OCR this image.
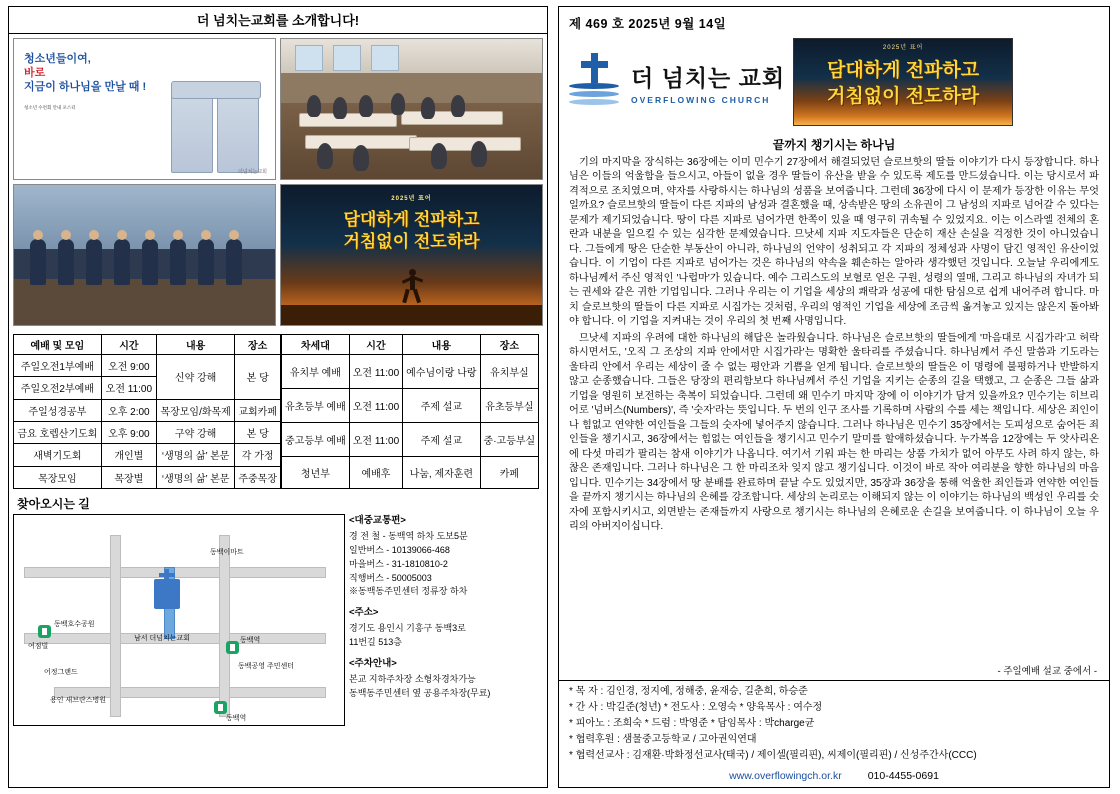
더 넘치는교회를 소개합니다!
청소년들이여,
바로
지금이 하나님을 만날 때 !
청소년 수련회 안내 포스터
더넘치는교회
2025년 표어
담대하게 전파하고
거침없이 전도하라
예배 및 모임	시간	내용	장소
주일오전1부예배	오전 9:00	신약 강해	본 당
주일오전2부예배	오전 11:00		
주일성경공부	오후 2:00	목장모임/화목제	교회카페
금요 호렙산기도회	오후 9:00	구약 강해	본 당
새벽기도회	개인별	‘생명의 삶’ 본문	각 가정
목장모임	목장별	‘생명의 삶’ 본문	주중목장
차세대	시간	내용	장소
유치부 예배	오전 11:00	예수님이랑 나랑	유치부실
유초등부 예배	오전 11:00	주제 설교	유초등부실
중고등부 예배	오전 11:00	주제 설교	중·고등부실
청년부	예배후	나눔, 제자훈련	카페
찾아오시는 길
동백이마트
동백호수공원
남서 더넘치는교회
여점빌
어정그랜드
동백역
동백공영 주민센터
용인 새브란스병원
동백역
<대중교통편>
경 전 철 - 동백역 하차 도보5분
일반버스 - 10139066-468
마을버스 - 31-1810810-2
직행버스 - 50005003
※동백동주민센터 정류장 하차
<주소>
경기도 용인시 기흥구 동백3로
11번길 513층
<주차안내>
본교 지하주차장 소형차경차가능
동백동주민센터 옆 공용주차장(무료)
제 469 호 2025년 9월 14일
더 넘치는 교회
OVERFLOWING CHURCH
2025년 표어
담대하게 전파하고
거침없이 전도하라
끝까지 챙기시는 하나님

기의 마지막을 장식하는 36장에는 이미 민수기 27장에서 해결되었던 슬로브핫의 딸들 이야기가 다시 등장합니다. 하나님은 이들의 억울함을 들으시고, 아들이 없을 경우 딸들이 유산을 받을 수 있도록 제도를 만드셨습니다. 이는 당시로서 파격적으로 조치였으며, 약자를 사랑하시는 하나님의 성품을 보여줍니다. 그런데 36장에 다시 이 문제가 등장한 이유는 무엇일까요? 슬로브핫의 딸들이 다른 지파의 남성과 결혼했을 때, 상속받은 땅의 소유권이 그 남성의 지파로 넘어갈 수 있다는 문제가 제기되었습니다. 땅이 다른 지파로 넘어가면 한쪽이 있을 때 영구히 귀속될 수 있었지요. 이는 이스라엘 전체의 혼란과 내분을 일으킬 수 있는 심각한 문제였습니다. 므낫세 지파 지도자들은 단순히 재산 손실을 걱정한 것이 아니었습니다. 그들에게 땅은 단순한 부동산이 아니라, 하나님의 언약이 성취되고 각 지파의 정체성과 사명이 담긴 영적인 유산이었습니다. 이 기업이 다른 지파로 넘어가는 것은 하나님의 약속을 훼손하는 알아라 생각했던 것입니다. 오늘날 우리에게도 하나님께서 주신 영적인 '나럽마'가 있습니다. 예수 그리스도의 보혈로 얻은 구원, 성령의 열매, 그리고 하나님의 자녀가 되는 권세와 같은 귀한 기업입니다. 그러나 우리는 이 기업을 세상의 쾌락과 성공에 대한 탐심으로 쉽게 내어주려 합니다. 마치 슬로브핫의 딸들이 다른 지파로 시집가는 것처럼, 우리의 영적인 기업을 세상에 조금씩 옮겨놓고 있지는 않은지 돌아봐야 합니다. 이 기업을 지켜내는 것이 우리의 첫 번째 사명입니다.

므낫세 지파의 우려에 대한 하나님의 해답은 놀라웠습니다. 하나님은 슬로브핫의 딸들에게 '마음대로 시집가라'고 허락하시면서도, '오직 그 조상의 지파 안에서만 시집가라'는 명확한 울타리를 주셨습니다. 하나님께서 주신 말씀과 기도라는 울타리 안에서 우리는 세상이 줄 수 없는 평안과 기쁨을 얻게 됩니다. 슬로브핫의 딸들은 이 명령에 불평하거나 반발하지 않고 순종했습니다. 그들은 당장의 편리함보다 하나님께서 주신 기업을 지키는 순종의 길을 택했고, 그 순종은 그들 삶과 기업을 영원히 보전하는 축복이 되었습니다. 그런데 왜 민수기 마지막 장에 이 이야기가 담겨 있을까요? 민수기는 히브리어로 '넘버스(Numbers)', 즉 '숫자'라는 뜻입니다. 두 번의 인구 조사를 기록하며 사람의 수를 세는 책입니다. 세상은 죄인이나 힘없고 연약한 여인들을 그들의 숫자에 넣어주지 않습니다. 그러나 하나님은 민수기 35장에서는 도피성으로 숨어든 죄인들을 챙기시고, 36장에서는 힘없는 여인들을 챙기시고 민수기 말미를 할애하셨습니다. 누가복음 12장에는 두 앗사리온에 다섯 마리가 팔리는 참새 이야기가 나옵니다. 여기서 기워 파는 한 마리는 상품 가치가 없어 아무도 사려 하지 않는, 하찮은 존재입니다. 그러나 하나님은 그 한 마리조차 잊지 않고 챙기십니다. 이것이 바로 작아 여리분을 향한 하나님의 마음입니다. 민수기는 34장에서 땅 분배를 완료하며 끝날 수도 있었지만, 35장과 36장을 통해 억울한 죄인들과 연약한 여인들을 끝까지 챙기시는 하나님의 은혜를 강조합니다. 세상의 논리로는 이해되지 않는 이 이야기는 하나님의 백성인 우리를 숫자에 포함시키시고, 외면받는 존재들까지 사랑으로 챙기시는 하나님의 은혜로운 손길을 보여줍니다. 이 하나님이 오늘 우리의 아버지이십니다.

- 주일예배 설교 중에서 -
* 목 자 : 김인경, 정지예, 정해중, 윤재승, 길춘희, 하승준
* 간 사 : 박길준(청년) * 전도사 : 오영숙 * 양육목사 : 여수정
* 피아노 : 조희숙 * 드럼 : 박영준 * 담임목사 : 박charge균
* 협력후원 : 샘물중고등학교 / 고아권익연대
* 협력선교사 : 김재환·박화정선교사(태국) / 제이셀(필리핀), 씨제이(필리핀) / 신성주간사(CCC)
www.overflowingch.or.kr 010-4455-0691
